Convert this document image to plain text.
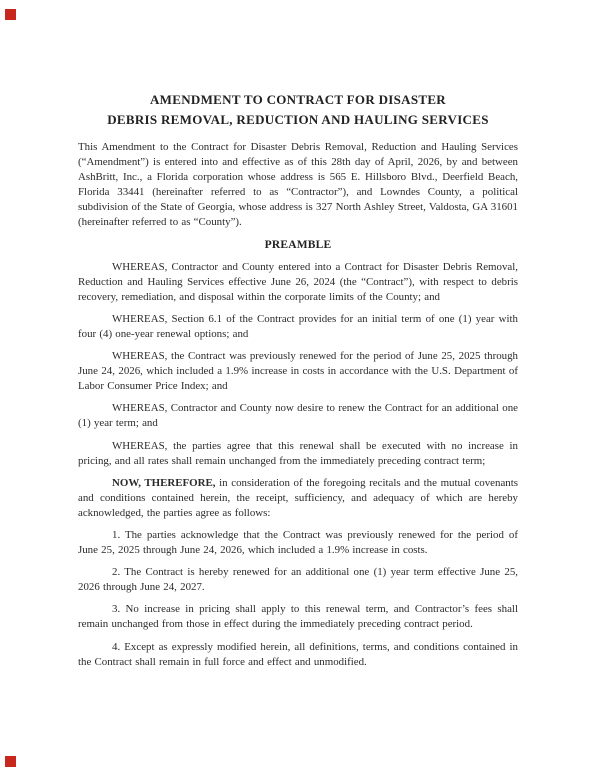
AMENDMENT TO CONTRACT FOR DISASTER
DEBRIS REMOVAL, REDUCTION AND HAULING SERVICES

This Amendment to the Contract for Disaster Debris Removal, Reduction and Hauling Services (“Amendment”) is entered into and effective as of this 28th day of April, 2026, by and between AshBritt, Inc., a Florida corporation whose address is 565 E. Hillsboro Blvd., Deerfield Beach, Florida 33441 (hereinafter referred to as “Contractor”), and Lowndes County, a political subdivision of the State of Georgia, whose address is 327 North Ashley Street, Valdosta, GA 31601 (hereinafter referred to as “County”).

PREAMBLE

WHEREAS, Contractor and County entered into a Contract for Disaster Debris Removal, Reduction and Hauling Services effective June 26, 2024 (the “Contract”), with respect to debris recovery, remediation, and disposal within the corporate limits of the County; and

WHEREAS, Section 6.1 of the Contract provides for an initial term of one (1) year with four (4) one-year renewal options; and

WHEREAS, the Contract was previously renewed for the period of June 25, 2025 through June 24, 2026, which included a 1.9% increase in costs in accordance with the U.S. Department of Labor Consumer Price Index; and

WHEREAS, Contractor and County now desire to renew the Contract for an additional one (1) year term; and

WHEREAS, the parties agree that this renewal shall be executed with no increase in pricing, and all rates shall remain unchanged from the immediately preceding contract term;

NOW, THEREFORE, in consideration of the foregoing recitals and the mutual covenants and conditions contained herein, the receipt, sufficiency, and adequacy of which are hereby acknowledged, the parties agree as follows:

1. The parties acknowledge that the Contract was previously renewed for the period of June 25, 2025 through June 24, 2026, which included a 1.9% increase in costs.

2. The Contract is hereby renewed for an additional one (1) year term effective June 25, 2026 through June 24, 2027.

3. No increase in pricing shall apply to this renewal term, and Contractor’s fees shall remain unchanged from those in effect during the immediately preceding contract period.

4. Except as expressly modified herein, all definitions, terms, and conditions contained in the Contract shall remain in full force and effect and unmodified.
